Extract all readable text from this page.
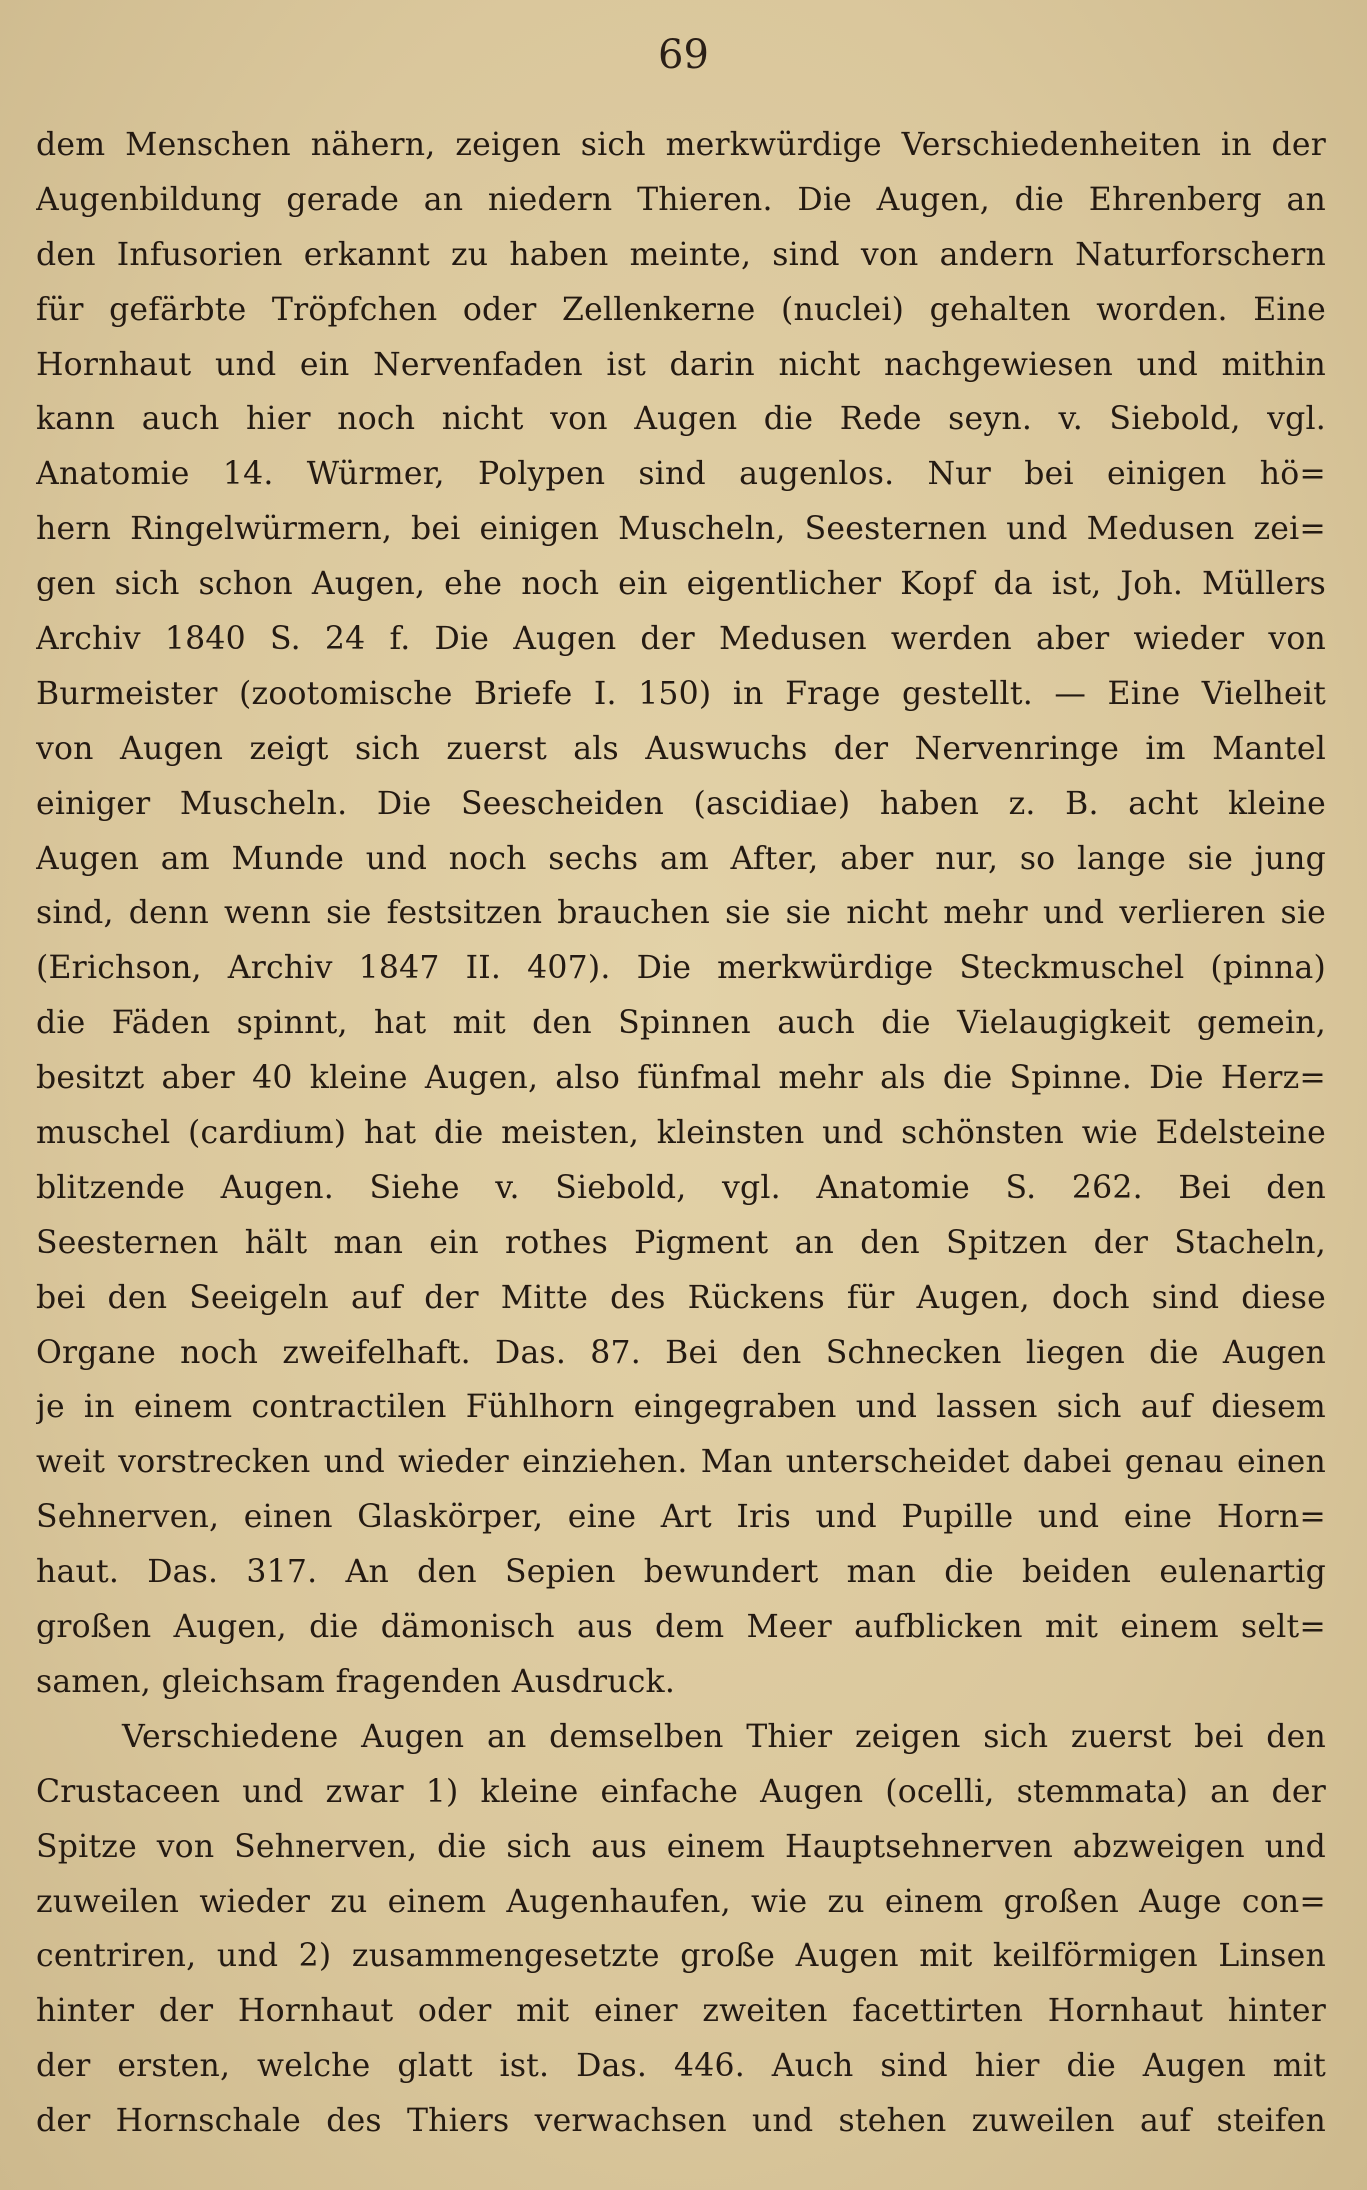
69
dem Menschen nähern, zeigen sich merkwürdige Verschiedenheiten in der
Augenbildung gerade an niedern Thieren. Die Augen, die Ehrenberg an
den Infusorien erkannt zu haben meinte, sind von andern Naturforschern
für gefärbte Tröpfchen oder Zellenkerne (nuclei) gehalten worden. Eine
Hornhaut und ein Nervenfaden ist darin nicht nachgewiesen und mithin
kann auch hier noch nicht von Augen die Rede seyn. v. Siebold, vgl.
Anatomie 14. Würmer, Polypen sind augenlos. Nur bei einigen hö=
hern Ringelwürmern, bei einigen Muscheln, Seesternen und Medusen zei=
gen sich schon Augen, ehe noch ein eigentlicher Kopf da ist, Joh. Müllers
Archiv 1840 S. 24 f. Die Augen der Medusen werden aber wieder von
Burmeister (zootomische Briefe I. 150) in Frage gestellt. — Eine Vielheit
von Augen zeigt sich zuerst als Auswuchs der Nervenringe im Mantel
einiger Muscheln. Die Seescheiden (ascidiae) haben z. B. acht kleine
Augen am Munde und noch sechs am After, aber nur, so lange sie jung
sind, denn wenn sie festsitzen brauchen sie sie nicht mehr und verlieren sie
(Erichson, Archiv 1847 II. 407). Die merkwürdige Steckmuschel (pinna)
die Fäden spinnt, hat mit den Spinnen auch die Vielaugigkeit gemein,
besitzt aber 40 kleine Augen, also fünfmal mehr als die Spinne. Die Herz=
muschel (cardium) hat die meisten, kleinsten und schönsten wie Edelsteine
blitzende Augen. Siehe v. Siebold, vgl. Anatomie S. 262. Bei den
Seesternen hält man ein rothes Pigment an den Spitzen der Stacheln,
bei den Seeigeln auf der Mitte des Rückens für Augen, doch sind diese
Organe noch zweifelhaft. Das. 87. Bei den Schnecken liegen die Augen
je in einem contractilen Fühlhorn eingegraben und lassen sich auf diesem
weit vorstrecken und wieder einziehen. Man unterscheidet dabei genau einen
Sehnerven, einen Glaskörper, eine Art Iris und Pupille und eine Horn=
haut. Das. 317. An den Sepien bewundert man die beiden eulenartig
großen Augen, die dämonisch aus dem Meer aufblicken mit einem selt=
samen, gleichsam fragenden Ausdruck.
Verschiedene Augen an demselben Thier zeigen sich zuerst bei den
Crustaceen und zwar 1) kleine einfache Augen (ocelli, stemmata) an der
Spitze von Sehnerven, die sich aus einem Hauptsehnerven abzweigen und
zuweilen wieder zu einem Augenhaufen, wie zu einem großen Auge con=
centriren, und 2) zusammengesetzte große Augen mit keilförmigen Linsen
hinter der Hornhaut oder mit einer zweiten facettirten Hornhaut hinter
der ersten, welche glatt ist. Das. 446. Auch sind hier die Augen mit
der Hornschale des Thiers verwachsen und stehen zuweilen auf steifen
